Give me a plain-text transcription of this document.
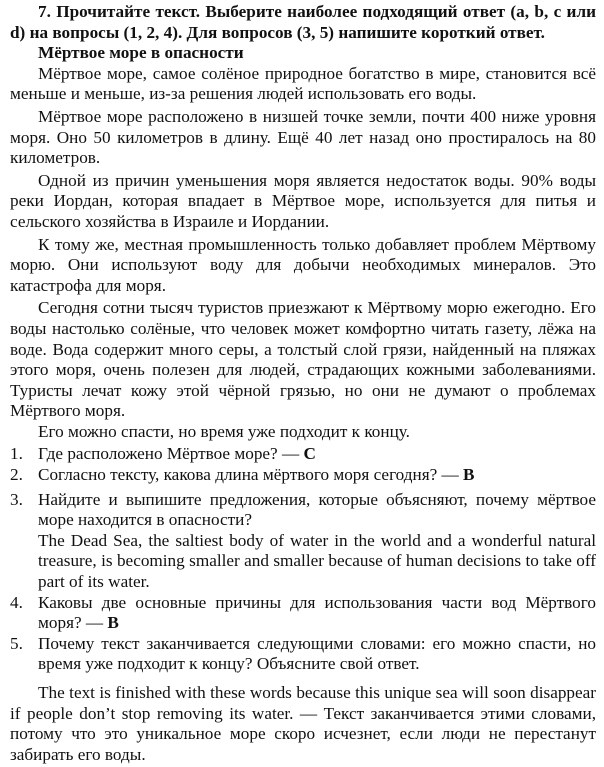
7. Прочитайте текст. Выберите наиболее подходящий ответ (a, b, c или d) на вопросы (1, 2, 4). Для вопросов (3, 5) напишите короткий ответ.

Мёртвое море в опасности

Мёртвое море, самое солёное природное богатство в мире, становится всё меньше и меньше, из-за решения людей использовать его воды.

Мёртвое море расположено в низшей точке земли, почти 400 ниже уровня моря. Оно 50 километров в длину. Ещё 40 лет назад оно простиралось на 80 километров.

Одной из причин уменьшения моря является недостаток воды. 90% воды реки Иордан, которая впадает в Мёртвое море, используется для питья и сельского хозяйства в Израиле и Иордании.

К тому же, местная промышленность только добавляет проблем Мёртвому морю. Они используют воду для добычи необходимых минералов. Это катастрофа для моря.

Сегодня сотни тысяч туристов приезжают к Мёртвому морю ежегодно. Его воды настолько солёные, что человек может комфортно читать газету, лёжа на воде. Вода содержит много серы, а толстый слой грязи, найденный на пляжах этого моря, очень полезен для людей, страдающих кожными заболеваниями. Туристы лечат кожу этой чёрной грязью, но они не думают о проблемах Мёртвого моря.

Его можно спасти, но время уже подходит к концу.

1. Где расположено Мёртвое море? — C
2. Согласно тексту, какова длина мёртвого моря сегодня? — B
3. Найдите и выпишите предложения, которые объясняют, почему мёртвое море находится в опасности?
The Dead Sea, the saltiest body of water in the world and a wonderful natural treasure, is becoming smaller and smaller because of human decisions to take off part of its water.
4. Каковы две основные причины для использования части вод Мёртвого моря? — B
5. Почему текст заканчивается следующими словами: его можно спасти, но время уже подходит к концу? Объясните свой ответ.

The text is finished with these words because this unique sea will soon disappear if people don’t stop removing its water. — Текст заканчивается этими словами, потому что это уникальное море скоро исчезнет, если люди не перестанут забирать его воды.
